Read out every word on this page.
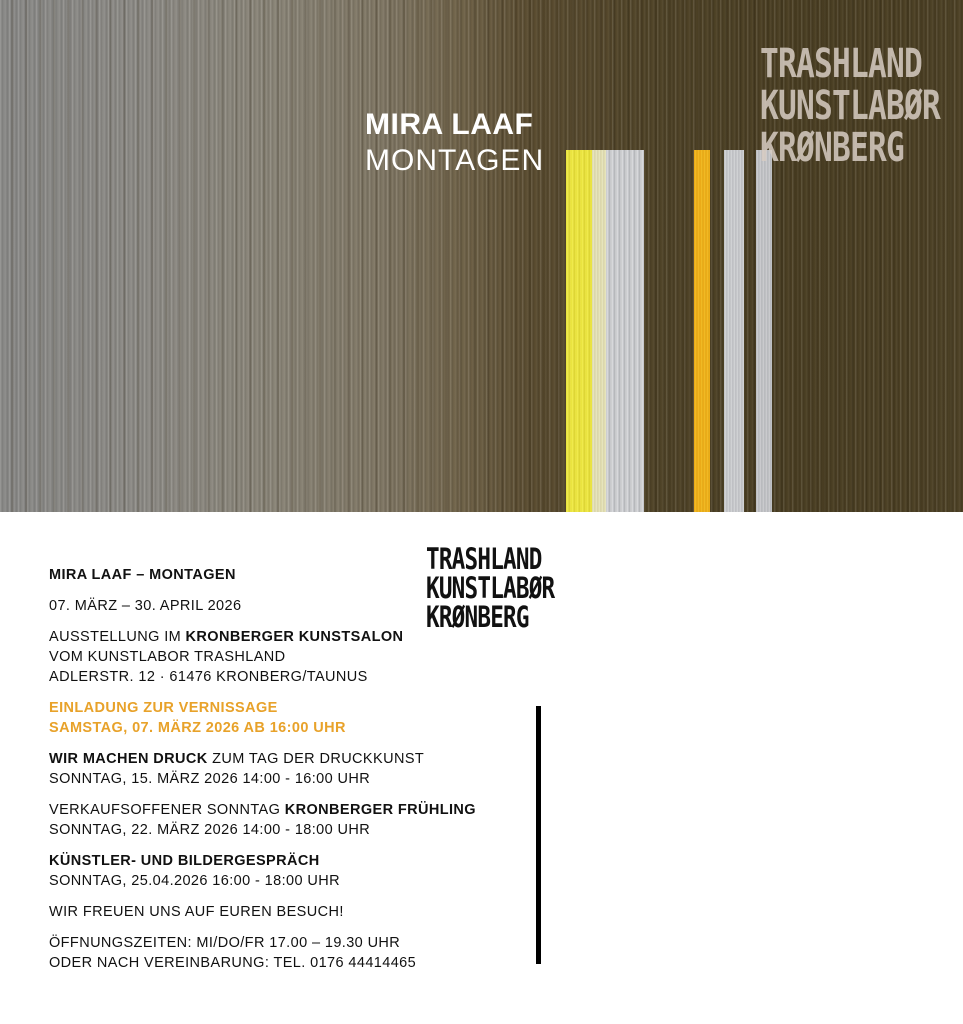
MIRA LAAF
MONTAGEN
TRASHLAND
KUNSTLABØR
KRØNBERG
TRASHLAND
KUNSTLABØR
KRØNBERG

MIRA LAAF – MONTAGEN

07. MÄRZ – 30. APRIL 2026

AUSSTELLUNG IM KRONBERGER KUNSTSALON
VOM KUNSTLABOR TRASHLAND
ADLERSTR. 12 · 61476 KRONBERG/TAUNUS

EINLADUNG ZUR VERNISSAGE
SAMSTAG, 07. MÄRZ 2026 AB 16:00 UHR

WIR MACHEN DRUCK ZUM TAG DER DRUCKKUNST
SONNTAG, 15. MÄRZ 2026 14:00 - 16:00 UHR

VERKAUFSOFFENER SONNTAG KRONBERGER FRÜHLING
SONNTAG, 22. MÄRZ 2026 14:00 - 18:00 UHR

KÜNSTLER- UND BILDERGESPRÄCH
SONNTAG, 25.04.2026 16:00 - 18:00 UHR

WIR FREUEN UNS AUF EUREN BESUCH!

ÖFFNUNGSZEITEN: MI/DO/FR 17.00 – 19.30 UHR
ODER NACH VEREINBARUNG: TEL. 0176 44414465
